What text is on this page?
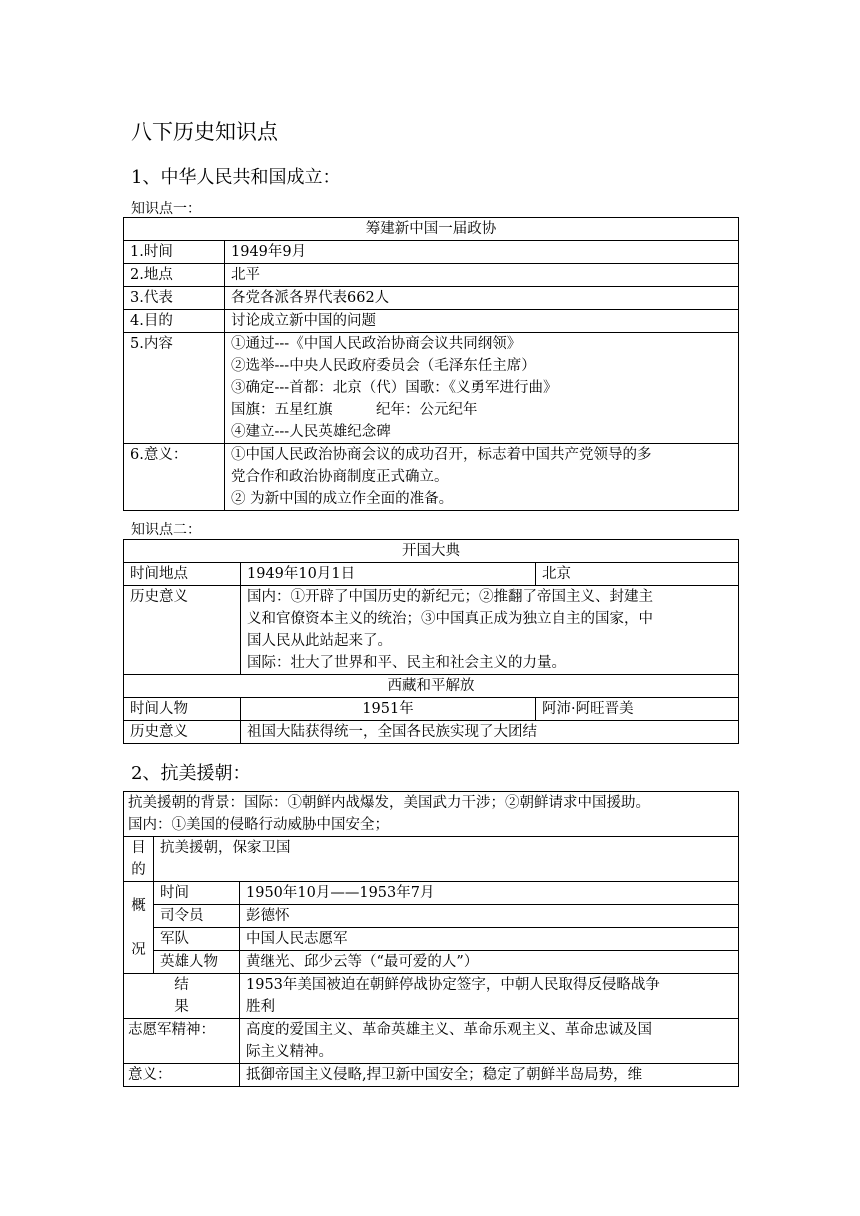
八下历史知识点
1、中华人民共和国成立：
知识点一：
筹建新中国一届政协	
1.时间	1949年9月
2.地点	北平
3.代表	各党各派各界代表662人
4.目的	讨论成立新中国的问题
5.内容	①通过---《中国人民政治协商会议共同纲领》
②选举---中央人民政府委员会（毛泽东任主席）
③确定---首都：北京（代）国歌：《义勇军进行曲》
国旗：五星红旗　　　纪年：公元纪年
④建立---人民英雄纪念碑

6.意义：	①中国人民政治协商会议的成功召开，标志着中国共产党领导的多
党合作和政治协商制度正式确立。
② 为新中国的成立作全面的准备。
知识点二：
开国大典		
时间地点	1949年10月1日	北京
历史意义	国内：①开辟了中国历史的新纪元；②推翻了帝国主义、封建主
义和官僚资本主义的统治；③中国真正成为独立自主的国家，中
国人民从此站起来了。
国际：壮大了世界和平、民主和社会主义的力量。	

西藏和平解放		
时间人物	1951年	阿沛·阿旺晋美
历史意义	祖国大陆获得统一，全国各民族实现了大团结	
2、抗美援朝：
抗美援朝的背景：国际：①朝鲜内战爆发，美国武力干涉；②朝鲜请求中国援助。
国内：①美国的侵略行动威胁中国安全；		

目
的	抗美援朝，保家卫国	

概
况	时间	1950年10月——1953年7月
	司令员	彭德怀
	军队	中国人民志愿军
	英雄人物	黄继光、邱少云等（“最可爱的人”）

结
果		1953年美国被迫在朝鲜停战协定签字，中朝人民取得反侵略战争
胜利

志愿军精神：		高度的爱国主义、革命英雄主义、革命乐观主义、革命忠诚及国
际主义精神。

意义：		抵御帝国主义侵略,捍卫新中国安全；稳定了朝鲜半岛局势，维
